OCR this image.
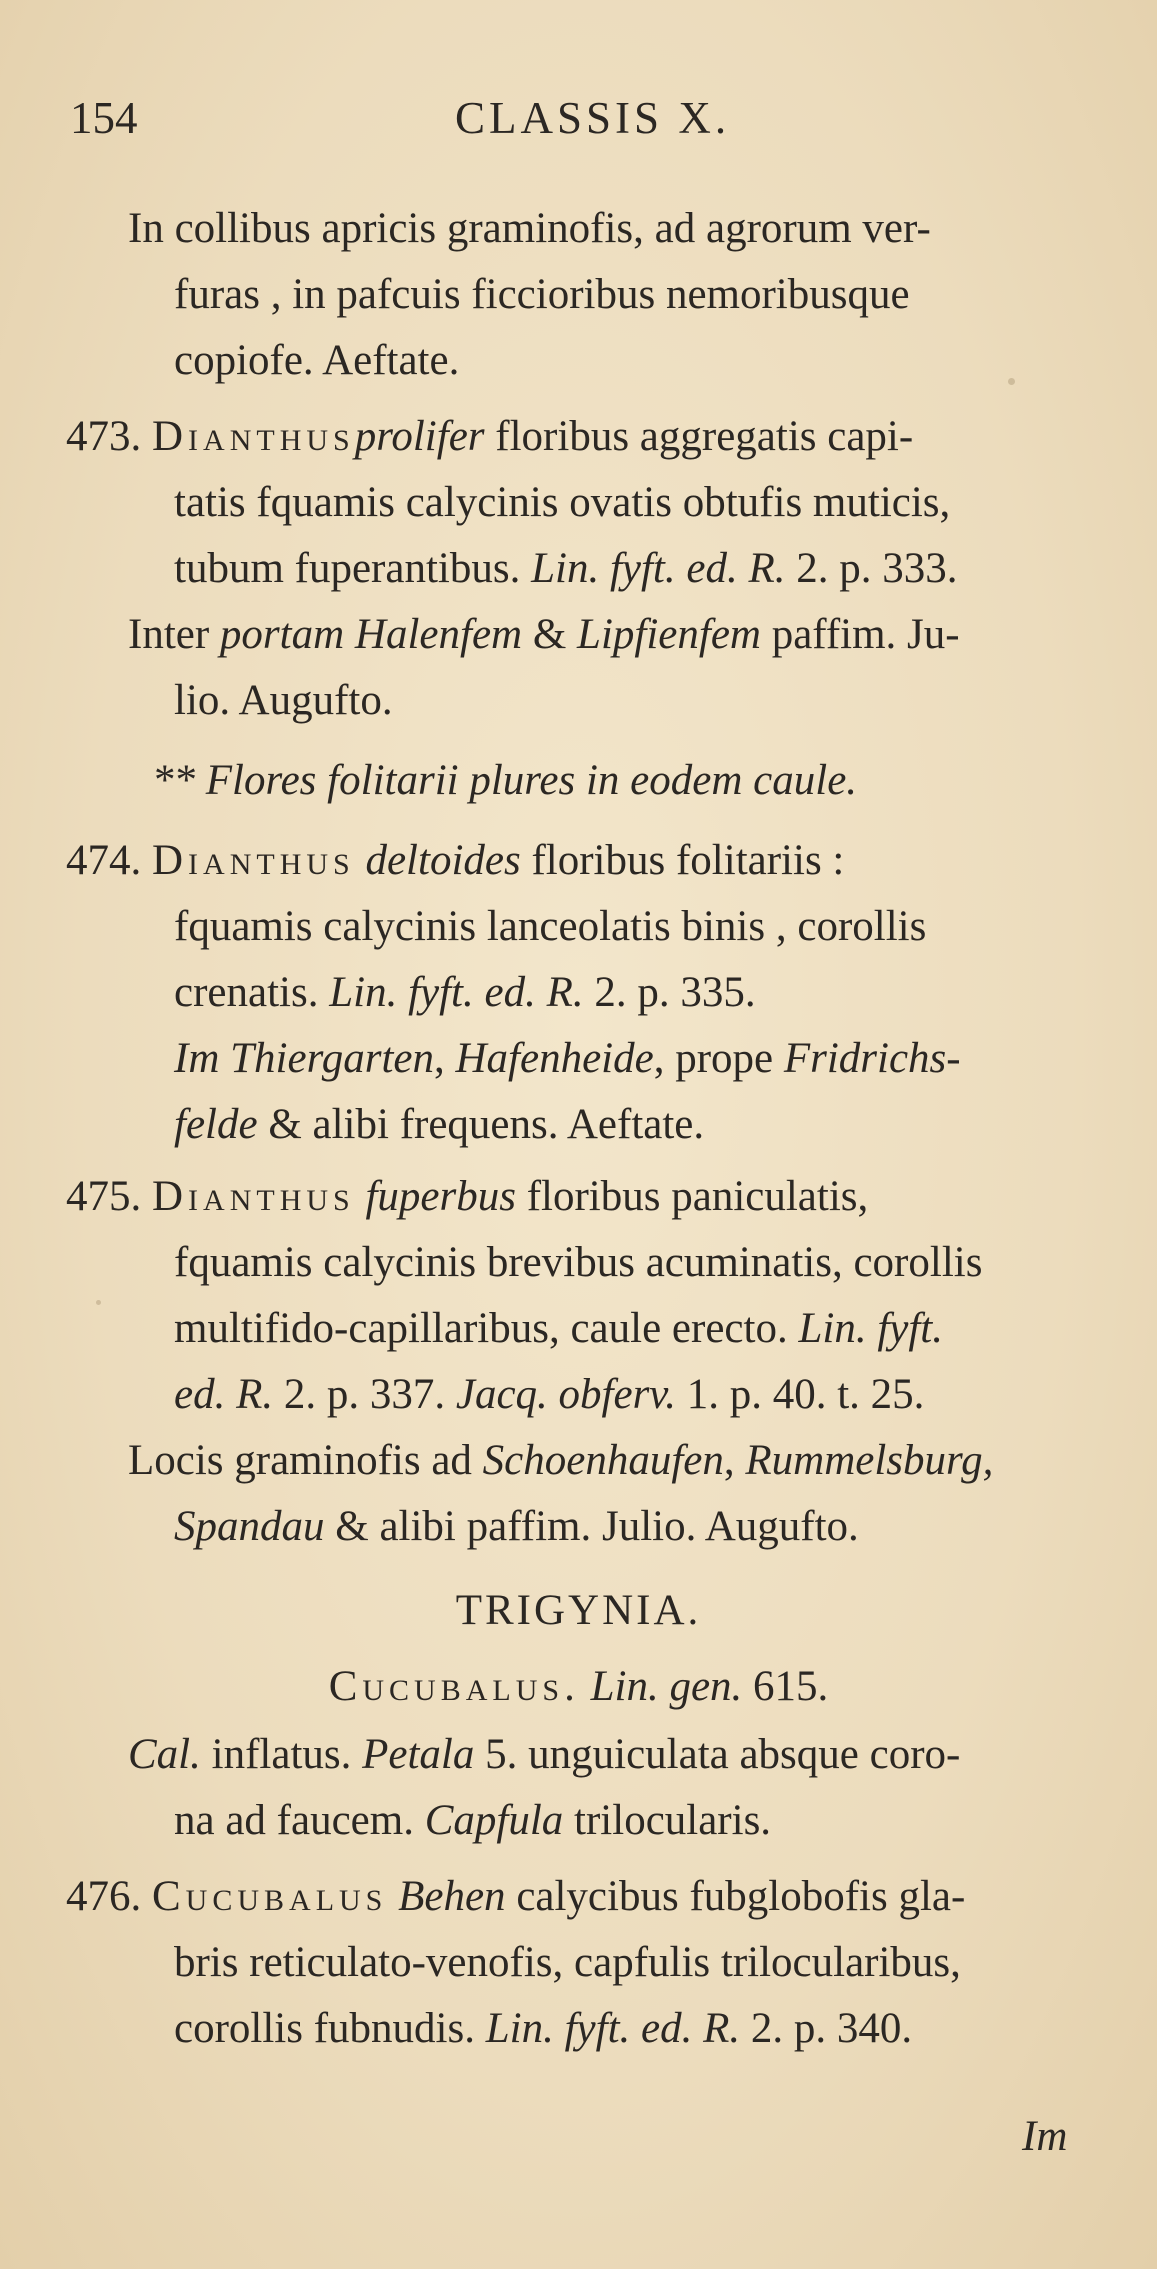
154	CLASSIS X.
In collibus apricis graminofis, ad agrorum ver-
furas , in pafcuis ficcioribus nemoribusque
copiofe. Aeftate.
473. Dianthusprolifer floribus aggregatis capi-
tatis fquamis calycinis ovatis obtufis muticis,
tubum fuperantibus. Lin. fyft. ed. R. 2. p. 333.
Inter portam Halenfem & Lipfienfem paffim. Ju-
lio. Augufto.
** Flores folitarii plures in eodem caule.
474. Dianthus deltoides floribus folitariis :
fquamis calycinis lanceolatis binis , corollis
crenatis. Lin. fyft. ed. R. 2. p. 335.
Im Thiergarten, Hafenheide, prope Fridrichs-
felde & alibi frequens. Aeftate.
475. Dianthus fuperbus floribus paniculatis,
fquamis calycinis brevibus acuminatis, corollis
multifido-capillaribus, caule erecto. Lin. fyft.
ed. R. 2. p. 337. Jacq. obferv. 1. p. 40. t. 25.
Locis graminofis ad Schoenhaufen, Rummelsburg,
Spandau & alibi paffim. Julio. Augufto.
TRIGYNIA.
Cucubalus. Lin. gen. 615.
Cal. inflatus. Petala 5. unguiculata absque coro-
na ad faucem. Capfula trilocularis.
476. Cucubalus Behen calycibus fubglobofis gla-
bris reticulato-venofis, capfulis trilocularibus,
corollis fubnudis. Lin. fyft. ed. R. 2. p. 340.
Im
